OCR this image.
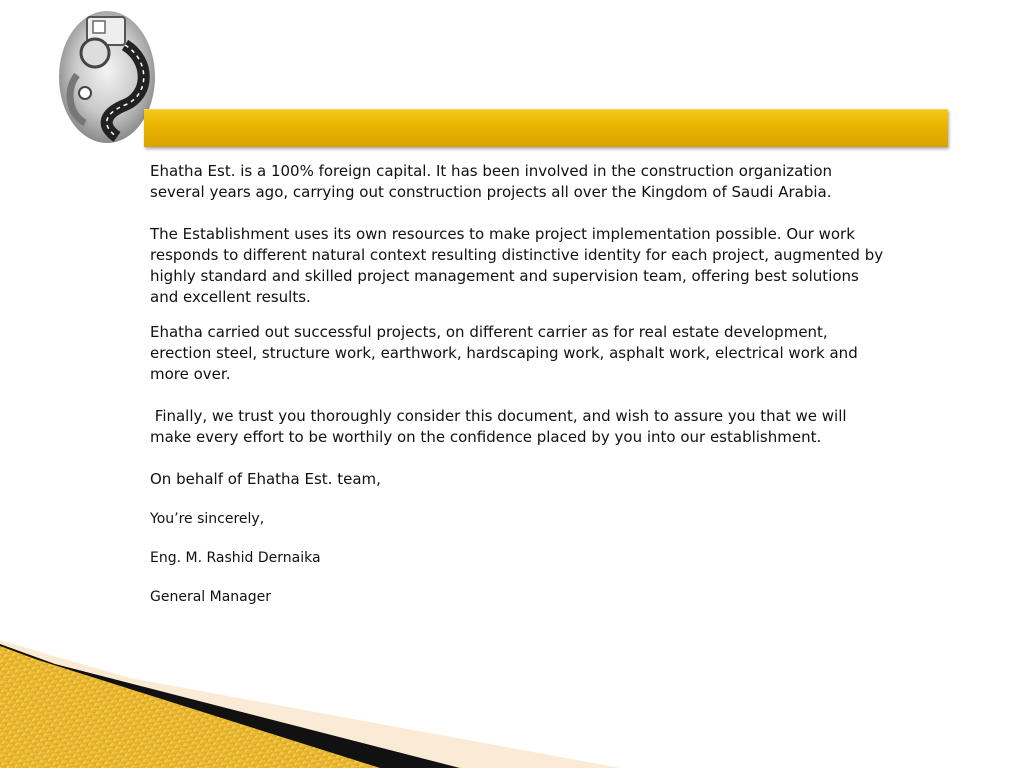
Ehatha Est. is a 100% foreign capital. It has been involved in the construction organization several years ago, carrying out construction projects all over the Kingdom of Saudi Arabia.

The Establishment uses its own resources to make project implementation possible. Our work responds to different natural context resulting distinctive identity for each project, augmented by  highly standard and skilled project management and supervision team, offering best solutions  and excellent results.

Ehatha carried out successful projects, on different carrier as for real estate development, erection steel, structure work, earthwork, hardscaping work, asphalt work, electrical work and more over.

Finally, we trust you thoroughly consider this document, and wish to assure you that we will make every effort to be worthily on the confidence placed by you into our establishment.

On behalf of Ehatha Est. team,

You’re sincerely,

Eng. M. Rashid Dernaika

General Manager
